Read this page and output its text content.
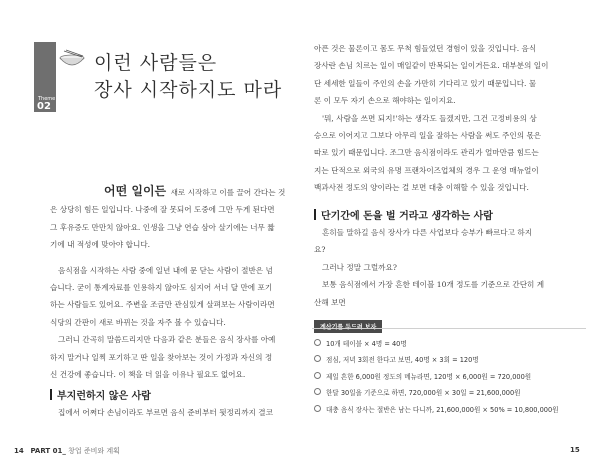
Theme
02
이런 사람들은
장사 시작하지도 마라
어떤 일이든 새로 시작하고 이를 끌어 간다는 것
은 상당히 힘든 일입니다. 나중에 잘 못되어 도중에 그만 두게 된다면
그 후유증도 만만치 않아요. 인생을 그냥 연습 삼아 살기에는 너무 짧
기에 내 적성에 맞아야 합니다.
음식점을 시작하는 사람 중에 일년 내에 문 닫는 사람이 절반은 넘
습니다. 굳이 통계자료를 인용하지 않아도 심지어 서너 달 만에 포기
하는 사람들도 있어요. 주변을 조금만 관심있게 살펴보는 사람이라면
식당의 간판이 새로 바뀌는 것을 자주 볼 수 있습니다.
그러니 간곡히 말씀드리지만 다음과 같은 분들은 음식 장사를 아예
하지 말거나 일찍 포기하고 딴 일을 찾아보는 것이 가정과 자신의 정
신 건강에 좋습니다. 이 책을 더 읽을 이유나 필요도 없어요.
부지런하지 않은 사람
집에서 어쩌다 손님이라도 부르면 음식 준비부터 뒷정리까지 결코
14 PART 01_ 창업 준비와 계획
아픈 것은 물론이고 몸도 무척 힘들었던 경험이 있을 것입니다. 음식
장사란 손님 치르는 일이 매일같이 반복되는 일이거든요. 대부분의 일이
단 세세한 일들이 주인의 손을 가만히 기다리고 있기 때문입니다. 물
론 이 모두 자기 손으로 해야하는 일이지요.
'뭐, 사람을 쓰면 되지!'하는 생각도 들겠지만, 그건 고정비용의 상
승으로 이어지고 그보다 아무리 일을 잘하는 사람을 써도 주인의 몫은
따로 있기 때문입니다. 조그만 음식점이라도 관리가 얼마만큼 힘드는
지는 단적으로 외국의 유명 프랜차이즈업체의 경우 그 운영 매뉴얼이
백과사전 정도의 양이라는 걸 보면 대충 이해할 수 있을 것입니다.
단기간에 돈을 벌 거라고 생각하는 사람
흔히들 말하길 음식 장사가 다른 사업보다 승부가 빠르다고 하지
요?
그러나 정말 그럴까요?
보통 음식점에서 가장 흔한 테이블 10개 정도를 기준으로 간단히 계
산해 보면
10개 테이블 × 4명 = 40명
점심, 저녁 3회전 한다고 보면, 40명 × 3회 = 120명
제일 흔한 6,000원 정도의 메뉴라면, 120명 × 6,000원 = 720,000원
한달 30일을 기준으로 하면, 720,000원 × 30일 = 21,600,000원
대충 음식 장사는 절반은 남는 다니까, 21,600,000원 × 50% = 10,800,000원
15
